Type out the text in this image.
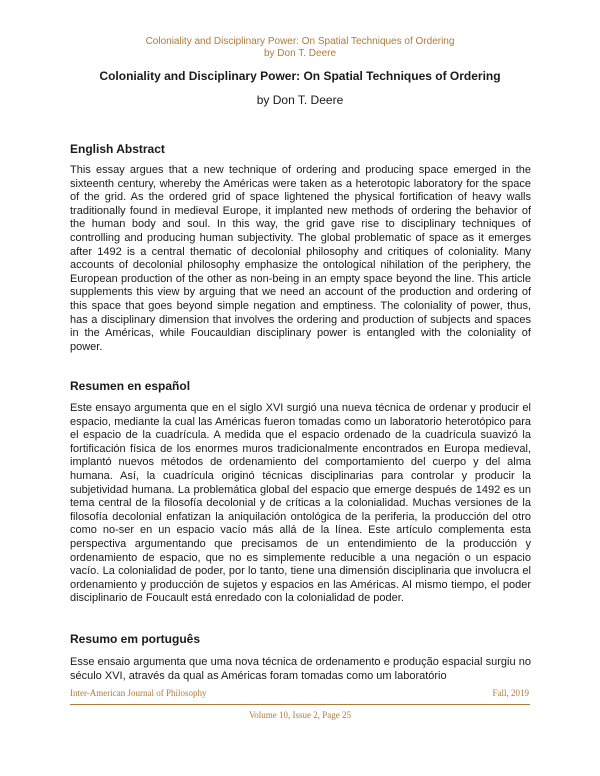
Coloniality and Disciplinary Power: On Spatial Techniques of Ordering
by Don T. Deere
Coloniality and Disciplinary Power: On Spatial Techniques of Ordering
by Don T. Deere
English Abstract

This essay argues that a new technique of ordering and producing space emerged in the sixteenth century, whereby the Américas were taken as a heterotopic laboratory for the space of the grid. As the ordered grid of space lightened the physical fortification of heavy walls traditionally found in medieval Europe, it implanted new methods of ordering the behavior of the human body and soul. In this way, the grid gave rise to disciplinary techniques of controlling and producing human subjectivity. The global problematic of space as it emerges after 1492 is a central thematic of decolonial philosophy and critiques of coloniality. Many accounts of decolonial philosophy emphasize the ontological nihilation of the periphery, the European production of the other as non-being in an empty space beyond the line. This article supplements this view by arguing that we need an account of the production and ordering of this space that goes beyond simple negation and emptiness. The coloniality of power, thus, has a disciplinary dimension that involves the ordering and production of subjects and spaces in the Américas, while Foucauldian disciplinary power is entangled with the coloniality of power.

Resumen en español

Este ensayo argumenta que en el siglo XVI surgió una nueva técnica de ordenar y producir el espacio, mediante la cual las Américas fueron tomadas como un laboratorio heterotópico para el espacio de la cuadrícula. A medida que el espacio ordenado de la cuadrícula suavizó la fortificación física de los enormes muros tradicionalmente encontrados en Europa medieval, implantó nuevos métodos de ordenamiento del comportamiento del cuerpo y del alma humana. Así, la cuadrícula originó técnicas disciplinarias para controlar y producir la subjetividad humana. La problemática global del espacio que emerge después de 1492 es un tema central de la filosofía decolonial y de críticas a la colonialidad. Muchas versiones de la filosofía decolonial enfatizan la aniquilación ontológica de la periferia, la producción del otro como no-ser en un espacio vacío más allá de la línea. Este artículo complementa esta perspectiva argumentando que precisamos de un entendimiento de la producción y ordenamiento de espacio, que no es simplemente reducible a una negación o un espacio vacío. La colonialidad de poder, por lo tanto, tiene una dimensión disciplinaria que involucra el ordenamiento y producción de sujetos y espacios en las Américas. Al mismo tiempo, el poder disciplinario de Foucault está enredado con la colonialidad de poder.

Resumo em português

Esse ensaio argumenta que uma nova técnica de ordenamento e produção espacial surgiu no século XVI, através da qual as Américas foram tomadas como um laboratório

Inter-American Journal of Philosophy	Fall, 2019
Volume 10, Issue 2, Page 25
